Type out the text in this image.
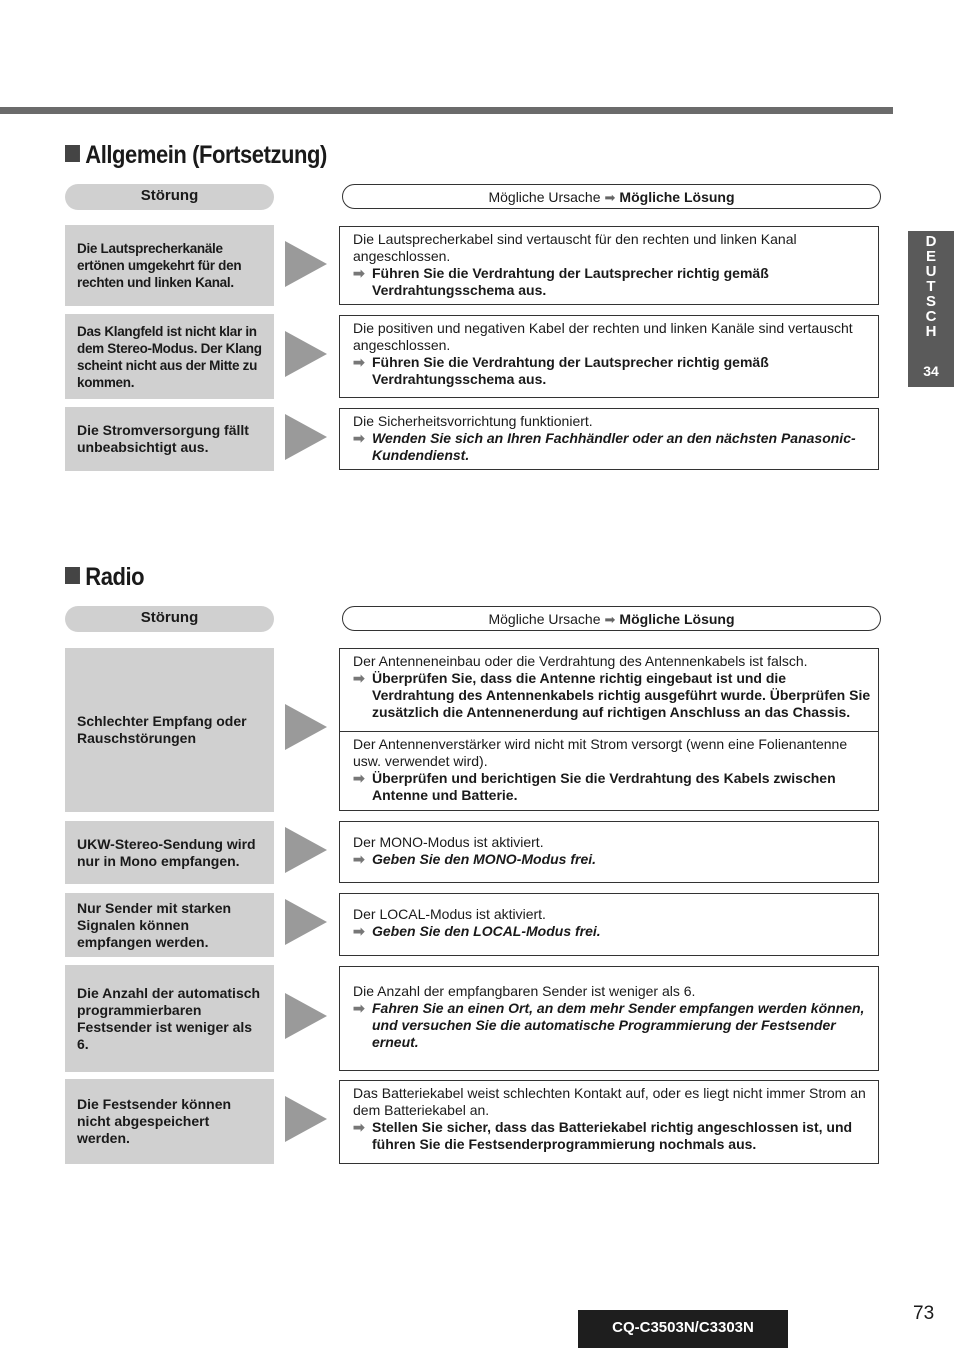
Allgemein (Fortsetzung)
Störung	Mögliche Ursache ➡ Mögliche Lösung
Die Lautsprecherkanäle ertönen umgekehrt für den rechten und linken Kanal.
Die Lautsprecherkabel sind vertauscht für den rechten und linken Kanal angeschlossen.
➡ Führen Sie die Verdrahtung der Lautsprecher richtig gemäß Verdrahtungsschema aus.
Das Klangfeld ist nicht klar in dem Stereo-Modus. Der Klang scheint nicht aus der Mitte zu kommen.
Die positiven und negativen Kabel der rechten und linken Kanäle sind vertauscht angeschlossen.
➡ Führen Sie die Verdrahtung der Lautsprecher richtig gemäß Verdrahtungsschema aus.
Die Stromversorgung fällt unbeabsichtigt aus.
Die Sicherheitsvorrichtung funktioniert.
➡ Wenden Sie sich an Ihren Fachhändler oder an den nächsten Panasonic-Kundendienst.
Radio
Störung	Mögliche Ursache ➡ Mögliche Lösung
Schlechter Empfang oder Rauschstörungen
Der Antenneneinbau oder die Verdrahtung des Antennenkabels ist falsch.
➡ Überprüfen Sie, dass die Antenne richtig eingebaut ist und die Verdrahtung des Antennenkabels richtig ausgeführt wurde. Überprüfen Sie zusätzlich die Antennenerdung auf richtigen Anschluss an das Chassis.
Der Antennenverstärker wird nicht mit Strom versorgt (wenn eine Folienantenne usw. verwendet wird).
➡ Überprüfen und berichtigen Sie die Verdrahtung des Kabels zwischen Antenne und Batterie.
UKW-Stereo-Sendung wird nur in Mono empfangen.
Der MONO-Modus ist aktiviert.
➡ Geben Sie den MONO-Modus frei.
Nur Sender mit starken Signalen können empfangen werden.
Der LOCAL-Modus ist aktiviert.
➡ Geben Sie den LOCAL-Modus frei.
Die Anzahl der automatisch programmierbaren Festsender ist weniger als 6.
Die Anzahl der empfangbaren Sender ist weniger als 6.
➡ Fahren Sie an einen Ort, an dem mehr Sender empfangen werden können, und versuchen Sie die automatische Programmierung der Festsender erneut.
Die Festsender können nicht abgespeichert werden.
Das Batteriekabel weist schlechten Kontakt auf, oder es liegt nicht immer Strom an dem Batteriekabel an.
➡ Stellen Sie sicher, dass das Batteriekabel richtig angeschlossen ist, und führen Sie die Festsenderprogrammierung nochmals aus.
D
E
U
T
S
C
H
34
73
CQ-C3503N/C3303N
